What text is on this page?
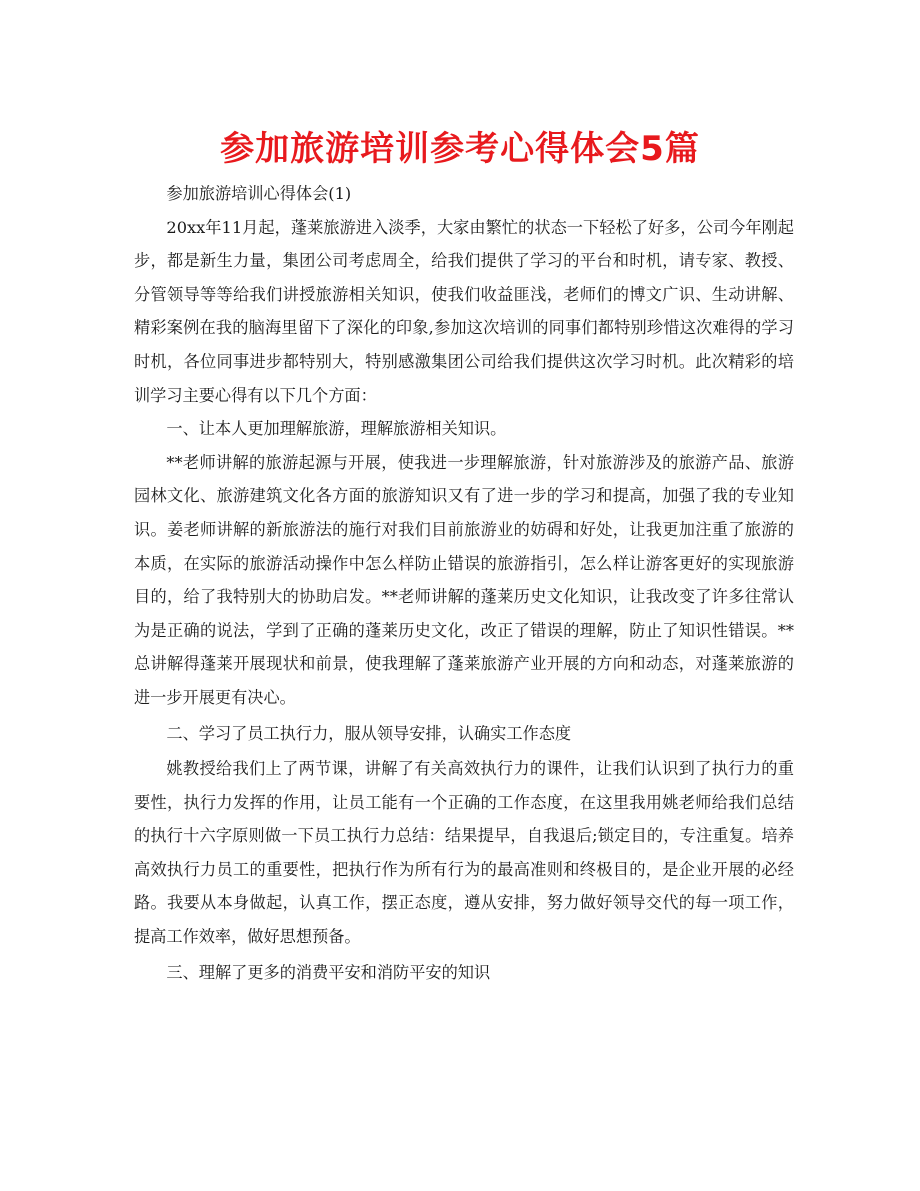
参加旅游培训参考心得体会5篇

参加旅游培训心得体会(1)

20xx年11月起，蓬莱旅游进入淡季，大家由繁忙的状态一下轻松了好多，公司今年刚起步，都是新生力量，集团公司考虑周全，给我们提供了学习的平台和时机，请专家、教授、分管领导等等给我们讲授旅游相关知识，使我们收益匪浅，老师们的博文广识、生动讲解、精彩案例在我的脑海里留下了深化的印象,参加这次培训的同事们都特别珍惜这次难得的学习时机，各位同事进步都特别大，特别感激集团公司给我们提供这次学习时机。此次精彩的培训学习主要心得有以下几个方面：

一、让本人更加理解旅游，理解旅游相关知识。

**老师讲解的旅游起源与开展，使我进一步理解旅游，针对旅游涉及的旅游产品、旅游园林文化、旅游建筑文化各方面的旅游知识又有了进一步的学习和提高，加强了我的专业知识。姜老师讲解的新旅游法的施行对我们目前旅游业的妨碍和好处，让我更加注重了旅游的本质，在实际的旅游活动操作中怎么样防止错误的旅游指引，怎么样让游客更好的实现旅游目的，给了我特别大的协助启发。**老师讲解的蓬莱历史文化知识，让我改变了许多往常认为是正确的说法，学到了正确的蓬莱历史文化，改正了错误的理解，防止了知识性错误。**总讲解得蓬莱开展现状和前景，使我理解了蓬莱旅游产业开展的方向和动态，对蓬莱旅游的进一步开展更有决心。

二、学习了员工执行力，服从领导安排，认确实工作态度

姚教授给我们上了两节课，讲解了有关高效执行力的课件，让我们认识到了执行力的重要性，执行力发挥的作用，让员工能有一个正确的工作态度，在这里我用姚老师给我们总结的执行十六字原则做一下员工执行力总结：结果提早，自我退后;锁定目的，专注重复。培养高效执行力员工的重要性，把执行作为所有行为的最高准则和终极目的，是企业开展的必经路。我要从本身做起，认真工作，摆正态度，遵从安排，努力做好领导交代的每一项工作，提高工作效率，做好思想预备。

三、理解了更多的消费平安和消防平安的知识
